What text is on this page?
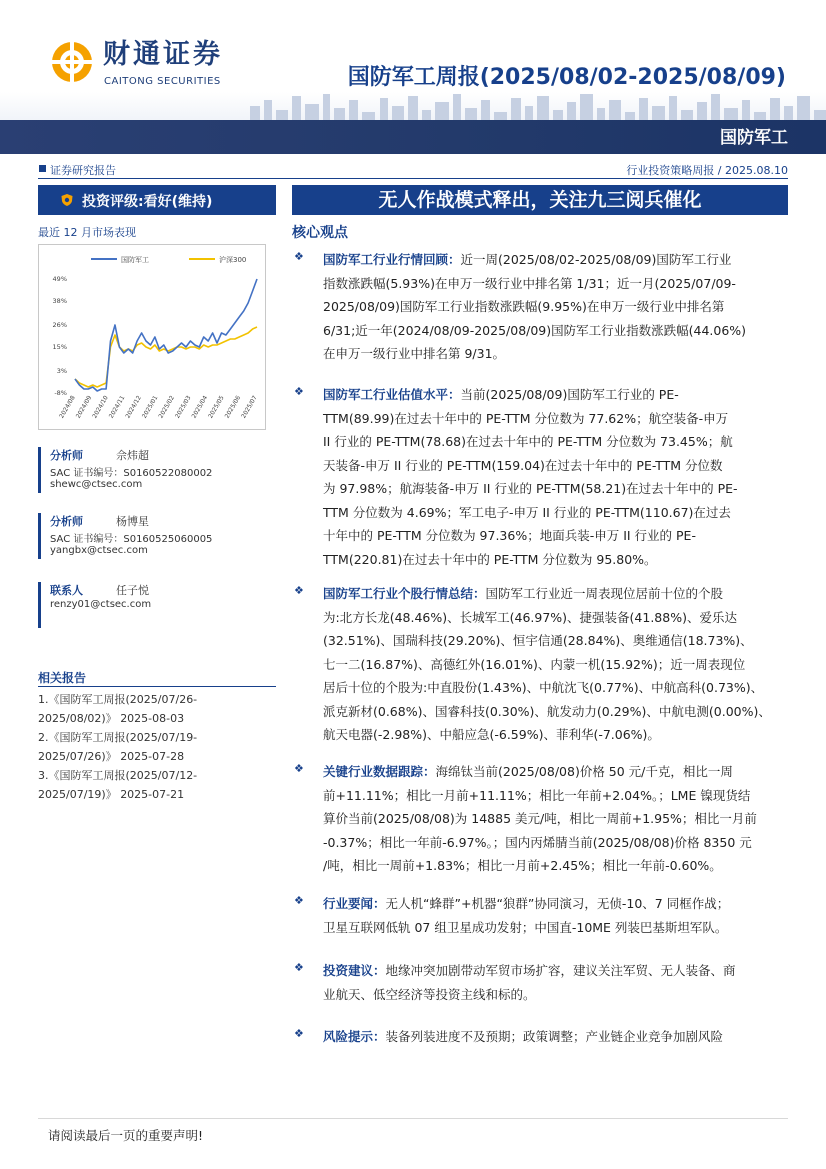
财通证券
CAITONG SECURITIES	国防军工周报(2025/08/02-2025/08/09)
国防军工
证券研究报告	行业投资策略周报 / 2025.08.10
投资评级:看好(维持)
最近 12 月市场表现
国防军工	沪深300
49%
38%
26%
15%
3%
-8%
2024/08
2024/09
2024/10
2024/11
2024/12
2025/01
2025/02
2025/03
2025/04
2025/05
2025/06
2025/07
分析师	佘炜超
SAC 证书编号：S0160522080002
shewc@ctsec.com
分析师	杨博星
SAC 证书编号：S0160525060005
yangbx@ctsec.com
联系人	任子悦
renzy01@ctsec.com
相关报告
1.《国防军工周报(2025/07/26-
2025/08/02)》 2025-08-03
2.《国防军工周报(2025/07/19-
2025/07/26)》 2025-07-28
3.《国防军工周报(2025/07/12-
2025/07/19)》 2025-07-21
无人作战模式释出，关注九三阅兵催化
核心观点
❖ 国防军工行业行情回顾：近一周(2025/08/02-2025/08/09)国防军工行业
指数涨跌幅(5.93%)在申万一级行业中排名第 1/31；近一月(2025/07/09-
2025/08/09)国防军工行业指数涨跌幅(9.95%)在申万一级行业中排名第
6/31;近一年(2024/08/09-2025/08/09)国防军工行业指数涨跌幅(44.06%)
在申万一级行业中排名第 9/31。
❖ 国防军工行业估值水平：当前(2025/08/09)国防军工行业的 PE-
TTM(89.99)在过去十年中的 PE-TTM 分位数为 77.62%；航空装备-申万
II 行业的 PE-TTM(78.68)在过去十年中的 PE-TTM 分位数为 73.45%；航
天装备-申万 II 行业的 PE-TTM(159.04)在过去十年中的 PE-TTM 分位数
为 97.98%；航海装备-申万 II 行业的 PE-TTM(58.21)在过去十年中的 PE-
TTM 分位数为 4.69%；军工电子-申万 II 行业的 PE-TTM(110.67)在过去
十年中的 PE-TTM 分位数为 97.36%；地面兵装-申万 II 行业的 PE-
TTM(220.81)在过去十年中的 PE-TTM 分位数为 95.80%。
❖ 国防军工行业个股行情总结：国防军工行业近一周表现位居前十位的个股
为:北方长龙(48.46%)、长城军工(46.97%)、捷强装备(41.88%)、爱乐达
(32.51%)、国瑞科技(29.20%)、恒宇信通(28.84%)、奥维通信(18.73%)、
七一二(16.87%)、高德红外(16.01%)、内蒙一机(15.92%)；近一周表现位
居后十位的个股为:中直股份(1.43%)、中航沈飞(0.77%)、中航高科(0.73%)、
派克新材(0.68%)、国睿科技(0.30%)、航发动力(0.29%)、中航电测(0.00%)、
航天电器(-2.98%)、中船应急(-6.59%)、菲利华(-7.06%)。
❖ 关键行业数据跟踪：海绵钛当前(2025/08/08)价格 50 元/千克，相比一周
前+11.11%；相比一月前+11.11%；相比一年前+2.04%。；LME 镍现货结
算价当前(2025/08/08)为 14885 美元/吨，相比一周前+1.95%；相比一月前
-0.37%；相比一年前-6.97%。；国内丙烯腈当前(2025/08/08)价格 8350 元
/吨，相比一周前+1.83%；相比一月前+2.45%；相比一年前-0.60%。
❖ 行业要闻：无人机“蜂群”+机器“狼群”协同演习，无侦-10、7 同框作战；
卫星互联网低轨 07 组卫星成功发射；中国直-10ME 列装巴基斯坦军队。
❖ 投资建议：地缘冲突加剧带动军贸市场扩容，建议关注军贸、无人装备、商
业航天、低空经济等投资主线和标的。
❖ 风险提示：装备列装进度不及预期；政策调整；产业链企业竞争加剧风险
请阅读最后一页的重要声明!
